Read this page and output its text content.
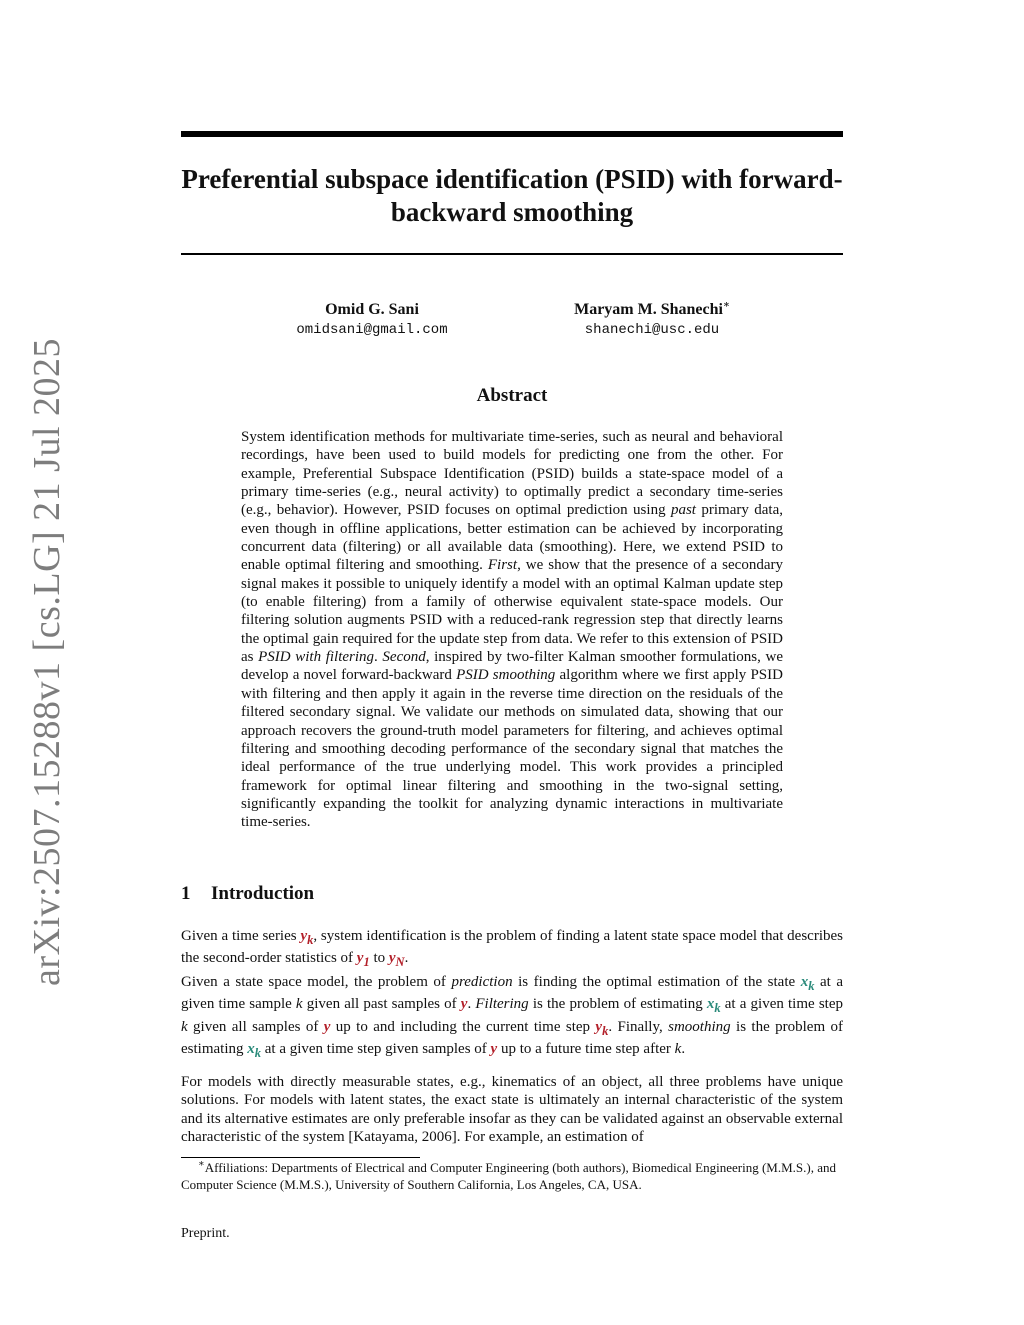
arXiv:2507.15288v1 [cs.LG] 21 Jul 2025
Preferential subspace identification (PSID) with forward-backward smoothing
Omid G. Sani
omidsani@gmail.com
Maryam M. Shanechi∗
shanechi@usc.edu
Abstract

System identification methods for multivariate time-series, such as neural and behavioral recordings, have been used to build models for predicting one from the other. For example, Preferential Subspace Identification (PSID) builds a state-space model of a primary time-series (e.g., neural activity) to optimally predict a secondary time-series (e.g., behavior). However, PSID focuses on optimal prediction using past primary data, even though in offline applications, better estimation can be achieved by incorporating concurrent data (filtering) or all available data (smoothing). Here, we extend PSID to enable optimal filtering and smoothing. First, we show that the presence of a secondary signal makes it possible to uniquely identify a model with an optimal Kalman update step (to enable filtering) from a family of otherwise equivalent state-space models. Our filtering solution augments PSID with a reduced-rank regression step that directly learns the optimal gain required for the update step from data. We refer to this extension of PSID as PSID with filtering. Second, inspired by two-filter Kalman smoother formulations, we develop a novel forward-backward PSID smoothing algorithm where we first apply PSID with filtering and then apply it again in the reverse time direction on the residuals of the filtered secondary signal. We validate our methods on simulated data, showing that our approach recovers the ground-truth model parameters for filtering, and achieves optimal filtering and smoothing decoding performance of the secondary signal that matches the ideal performance of the true underlying model. This work provides a principled framework for optimal linear filtering and smoothing in the two-signal setting, significantly expanding the toolkit for analyzing dynamic interactions in multivariate time-series.

1 Introduction

Given a time series $y_k$, system identification is the problem of finding a latent state space model that describes the second-order statistics of $y_1$ to $y_N$.

Given a state space model, the problem of prediction is finding the optimal estimation of the state $x_k$ at a given time sample k given all past samples of y. Filtering is the problem of estimating $x_k$ at a given time step k given all samples of y up to and including the current time step $y_k$. Finally, smoothing is the problem of estimating $x_k$ at a given time step given samples of y up to a future time step after k.

For models with directly measurable states, e.g., kinematics of an object, all three problems have unique solutions. For models with latent states, the exact state is ultimately an internal characteristic of the system and its alternative estimates are only preferable insofar as they can be validated against an observable external characteristic of the system [Katayama, 2006]. For example, an estimation of

∗Affiliations: Departments of Electrical and Computer Engineering (both authors), Biomedical Engineering (M.M.S.), and Computer Science (M.M.S.), University of Southern California, Los Angeles, CA, USA.

Preprint.
